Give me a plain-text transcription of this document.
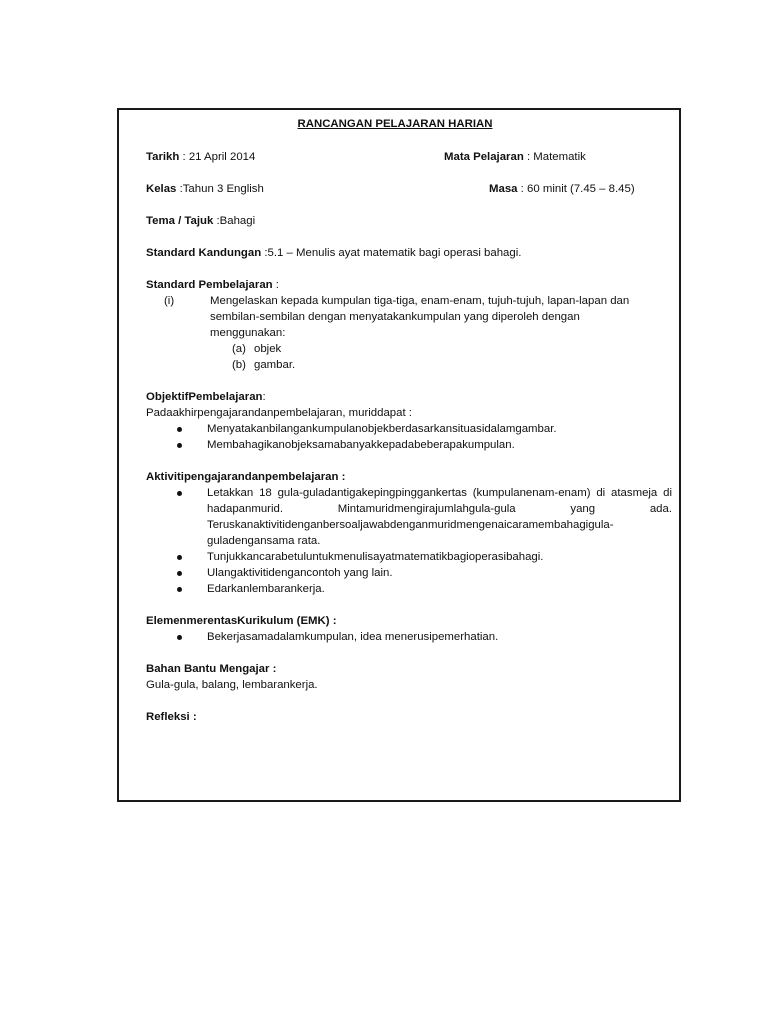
RANCANGAN PELAJARAN HARIAN
Tarikh : 21 April 2014	Mata Pelajaran : Matematik
Kelas :Tahun 3 English	Masa : 60 minit (7.45 – 8.45)
Tema / Tajuk :Bahagi
Standard Kandungan :5.1 – Menulis ayat matematik bagi operasi bahagi.
Standard Pembelajaran :
(i)	Mengelaskan kepada kumpulan tiga-tiga, enam-enam, tujuh-tujuh, lapan-lapan dan
sembilan-sembilan dengan menyatakankumpulan yang diperoleh dengan menggunakan:
(a) objek
(b) gambar.
ObjektifPembelajaran:
Padaakhirpengajarandanpembelajaran, muriddapat :
Menyatakanbilangankumpulanobjekberdasarkansituasidalamgambar.
Membahagikanobjeksamabanyakkepadabeberapakumpulan.
Aktivitipengajarandanpembelajaran :
Letakkan 18 gula-guladantigakepingpinggankertas (kumpulanenam-enam) di atasmeja di
hadapanmurid.	Mintamuridmengirajumlahgula-gula	yang	ada.
Teruskanaktivitidenganbersoaljawabdenganmuridmengenaicaramembahagigula-
guladengansama rata.
Tunjukkancarabetuluntukmenulisayatmatematikbagioperasibahagi.
Ulangaktivitidengancontoh yang lain.
Edarkanlembarankerja.
ElemenmerentasKurikulum (EMK) :
Bekerjasamadalamkumpulan, idea menerusipemerhatian.
Bahan Bantu Mengajar :
Gula-gula, balang, lembarankerja.
Refleksi :
